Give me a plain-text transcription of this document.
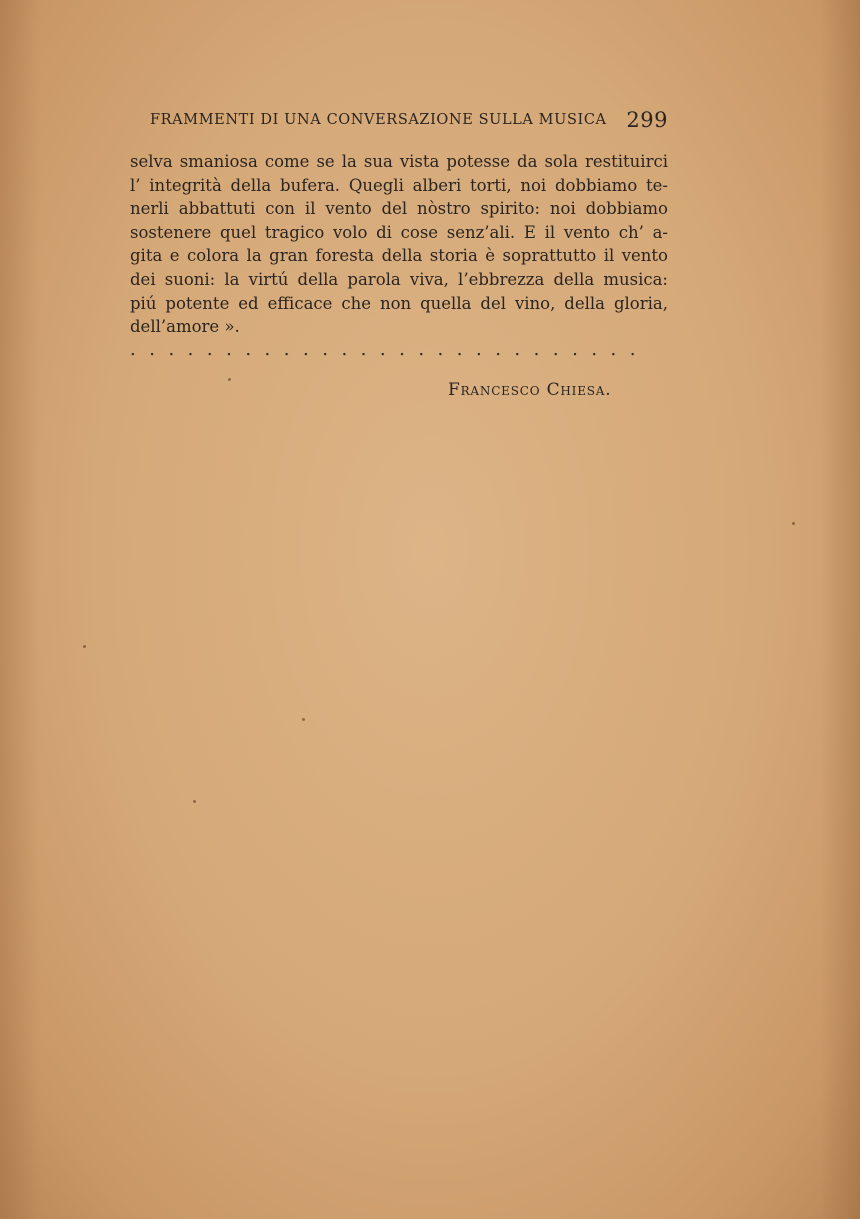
FRAMMENTI DI UNA CONVERSAZIONE SULLA MUSICA 299
selva smaniosa come se la sua vista potesse da sola restituirci
l’ integrità della bufera. Quegli alberi torti, noi dobbiamo te-
nerli abbattuti con il vento del nòstro spirito: noi dobbiamo
sostenere quel tragico volo di cose senz’ali. E il vento ch’ a-
gita e colora la gran foresta della storia è soprattutto il vento
dei suoni: la virtú della parola viva, l’ebbrezza della musica:
piú potente ed efficace che non quella del vino, della gloria,
dell’amore ».
...........................
Francesco Chiesa.
